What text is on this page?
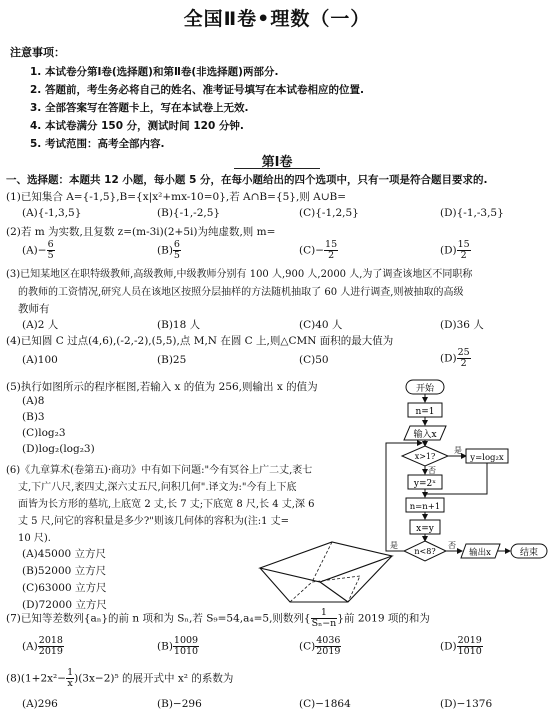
全国Ⅱ卷•理数（一）
注意事项：
1. 本试卷分第Ⅰ卷(选择题)和第Ⅱ卷(非选择题)两部分.
2. 答题前，考生务必将自己的姓名、准考证号填写在本试卷相应的位置.
3. 全部答案写在答题卡上，写在本试卷上无效.
4. 本试卷满分 150 分，测试时间 120 分钟.
5. 考试范围：高考全部内容.
第Ⅰ卷
一、选择题：本题共 12 小题，每小题 5 分，在每小题给出的四个选项中，只有一项是符合题目要求的.
(1)已知集合 A={-1,5},B={x|x²+mx-10=0},若 A∩B={5},则 A∪B=
(A){-1,3,5}	(B){-1,-2,5}	(C){-1,2,5}	(D){-1,-3,5}
(2)若 m 为实数,且复数 z=(m-3i)(2+5i)为纯虚数,则 m=
$(A)- \frac{6}{5}$	$(B) \frac{6}{5}$	$(C)- \frac{15}{2}$	$(D) \frac{15}{2}$
(3)已知某地区在职特级教师,高级教师,中级教师分别有 100 人,900 人,2000 人,为了调查该地区不同职称
的教师的工资情况,研究人员在该地区按照分层抽样的方法随机抽取了 60 人进行调查,则被抽取的高级
教师有
(A)2 人	(B)18 人	(C)40 人	(D)36 人
(4)已知圆 C 过点(4,6),(-2,-2),(5,5),点 M,N 在圆 C 上,则△CMN 面积的最大值为
(A)100	(B)25	(C)50	$(D) \frac{25}{2}$
(5)执行如图所示的程序框图,若输入 x 的值为 256,则输出 x 的值为
(A)8
(B)3
(C)log₂3
(D)log₂(log₂3)
(6)《九章算术(卷第五)·商功》中有如下问题:"今有冥谷上广二丈,袤七
丈,下广八尺,袤四丈,深六丈五尺,问积几何".译文为:"今有上下底
面皆为长方形的墓坑,上底宽 2 丈,长 7 丈;下底宽 8 尺,长 4 丈,深 6
丈 5 尺,问它的容积量是多少?"则该几何体的容积为(注:1 丈=
10 尺).
(A)45000 立方尺
(B)52000 立方尺
(C)63000 立方尺
(D)72000 立方尺
开始
n=1
输入x
x>1?
是
y=log₂x
否
y=2ˣ
n=n+1
x=y
n<8?
是	否
输出x	结束
(7)已知等差数列{aₙ}的前 n 项和为 Sₙ,若 S₉=54,a₄=5,则数列{ $\frac{1}{\text{Sₙ−n}}$ }前 2019 项的和为
$(A) \frac{2018}{2019}$	$(B) \frac{1009}{1010}$	$(C) \frac{4036}{2019}$	$(D) \frac{2019}{1010}$
$(8)(1+2x^2- \frac{1}{x} )(3x-2)^5$ 的展开式中 x² 的系数为
(A)296	(B)−296	(C)−1864	(D)−1376
